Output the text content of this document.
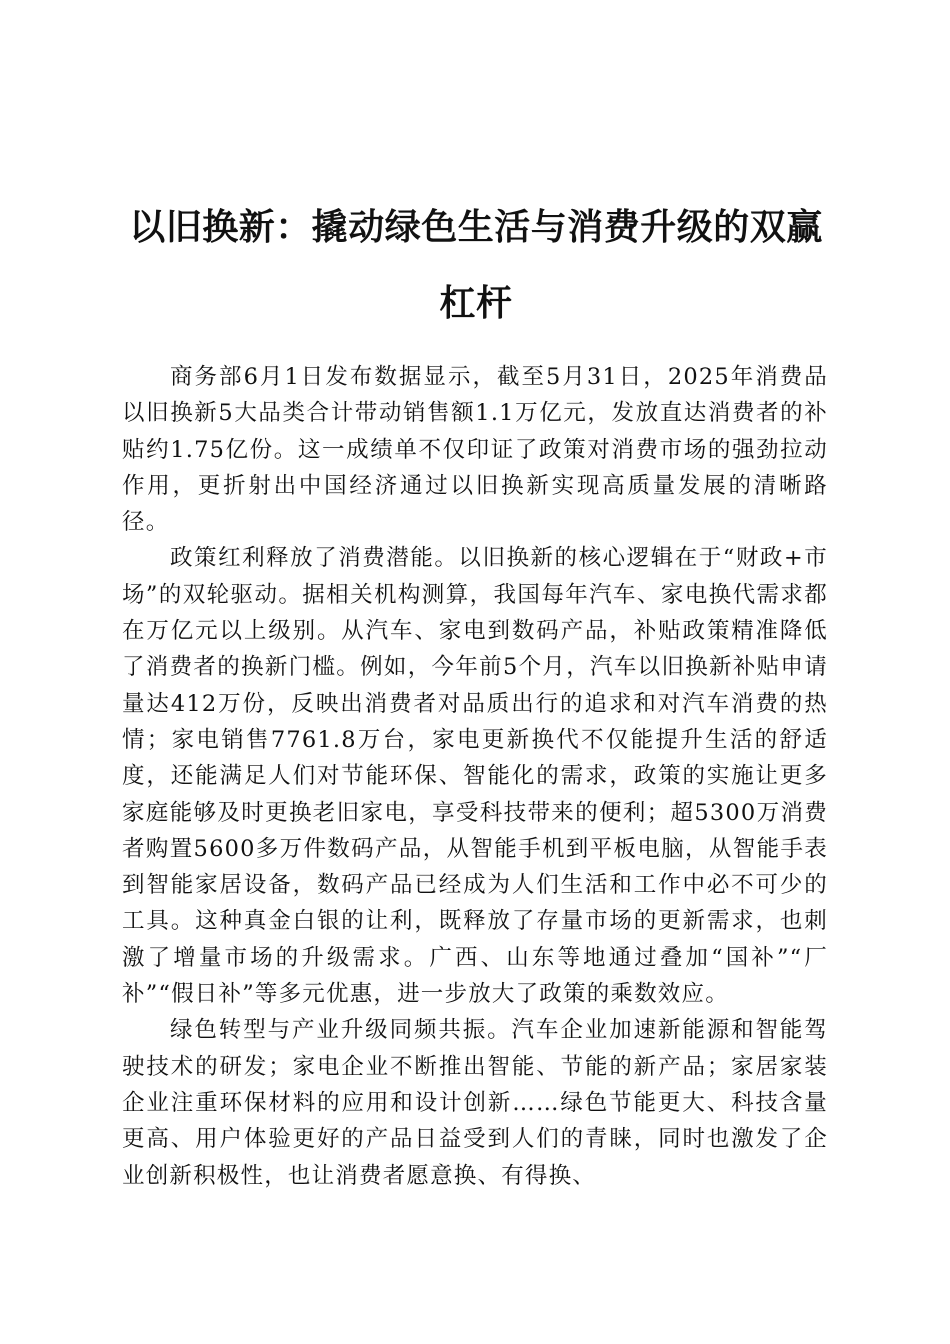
以旧换新：撬动绿色生活与消费升级的双赢杠杆

商务部6月1日发布数据显示，截至5月31日，2025年消费品以旧换新5大品类合计带动销售额1.1万亿元，发放直达消费者的补贴约1.75亿份。这一成绩单不仅印证了政策对消费市场的强劲拉动作用，更折射出中国经济通过以旧换新实现高质量发展的清晰路径。

政策红利释放了消费潜能。以旧换新的核心逻辑在于“财政+市场”的双轮驱动。据相关机构测算，我国每年汽车、家电换代需求都在万亿元以上级别。从汽车、家电到数码产品，补贴政策精准降低了消费者的换新门槛。例如，今年前5个月，汽车以旧换新补贴申请量达412万份，反映出消费者对品质出行的追求和对汽车消费的热情；家电销售7761.8万台，家电更新换代不仅能提升生活的舒适度，还能满足人们对节能环保、智能化的需求，政策的实施让更多家庭能够及时更换老旧家电，享受科技带来的便利；超5300万消费者购置5600多万件数码产品，从智能手机到平板电脑，从智能手表到智能家居设备，数码产品已经成为人们生活和工作中必不可少的工具。这种真金白银的让利，既释放了存量市场的更新需求，也刺激了增量市场的升级需求。广西、山东等地通过叠加“国补”“厂补”“假日补”等多元优惠，进一步放大了政策的乘数效应。

绿色转型与产业升级同频共振。汽车企业加速新能源和智能驾驶技术的研发；家电企业不断推出智能、节能的新产品；家居家装企业注重环保材料的应用和设计创新……绿色节能更大、科技含量更高、用户体验更好的产品日益受到人们的青睐，同时也激发了企业创新积极性，也让消费者愿意换、有得换、
